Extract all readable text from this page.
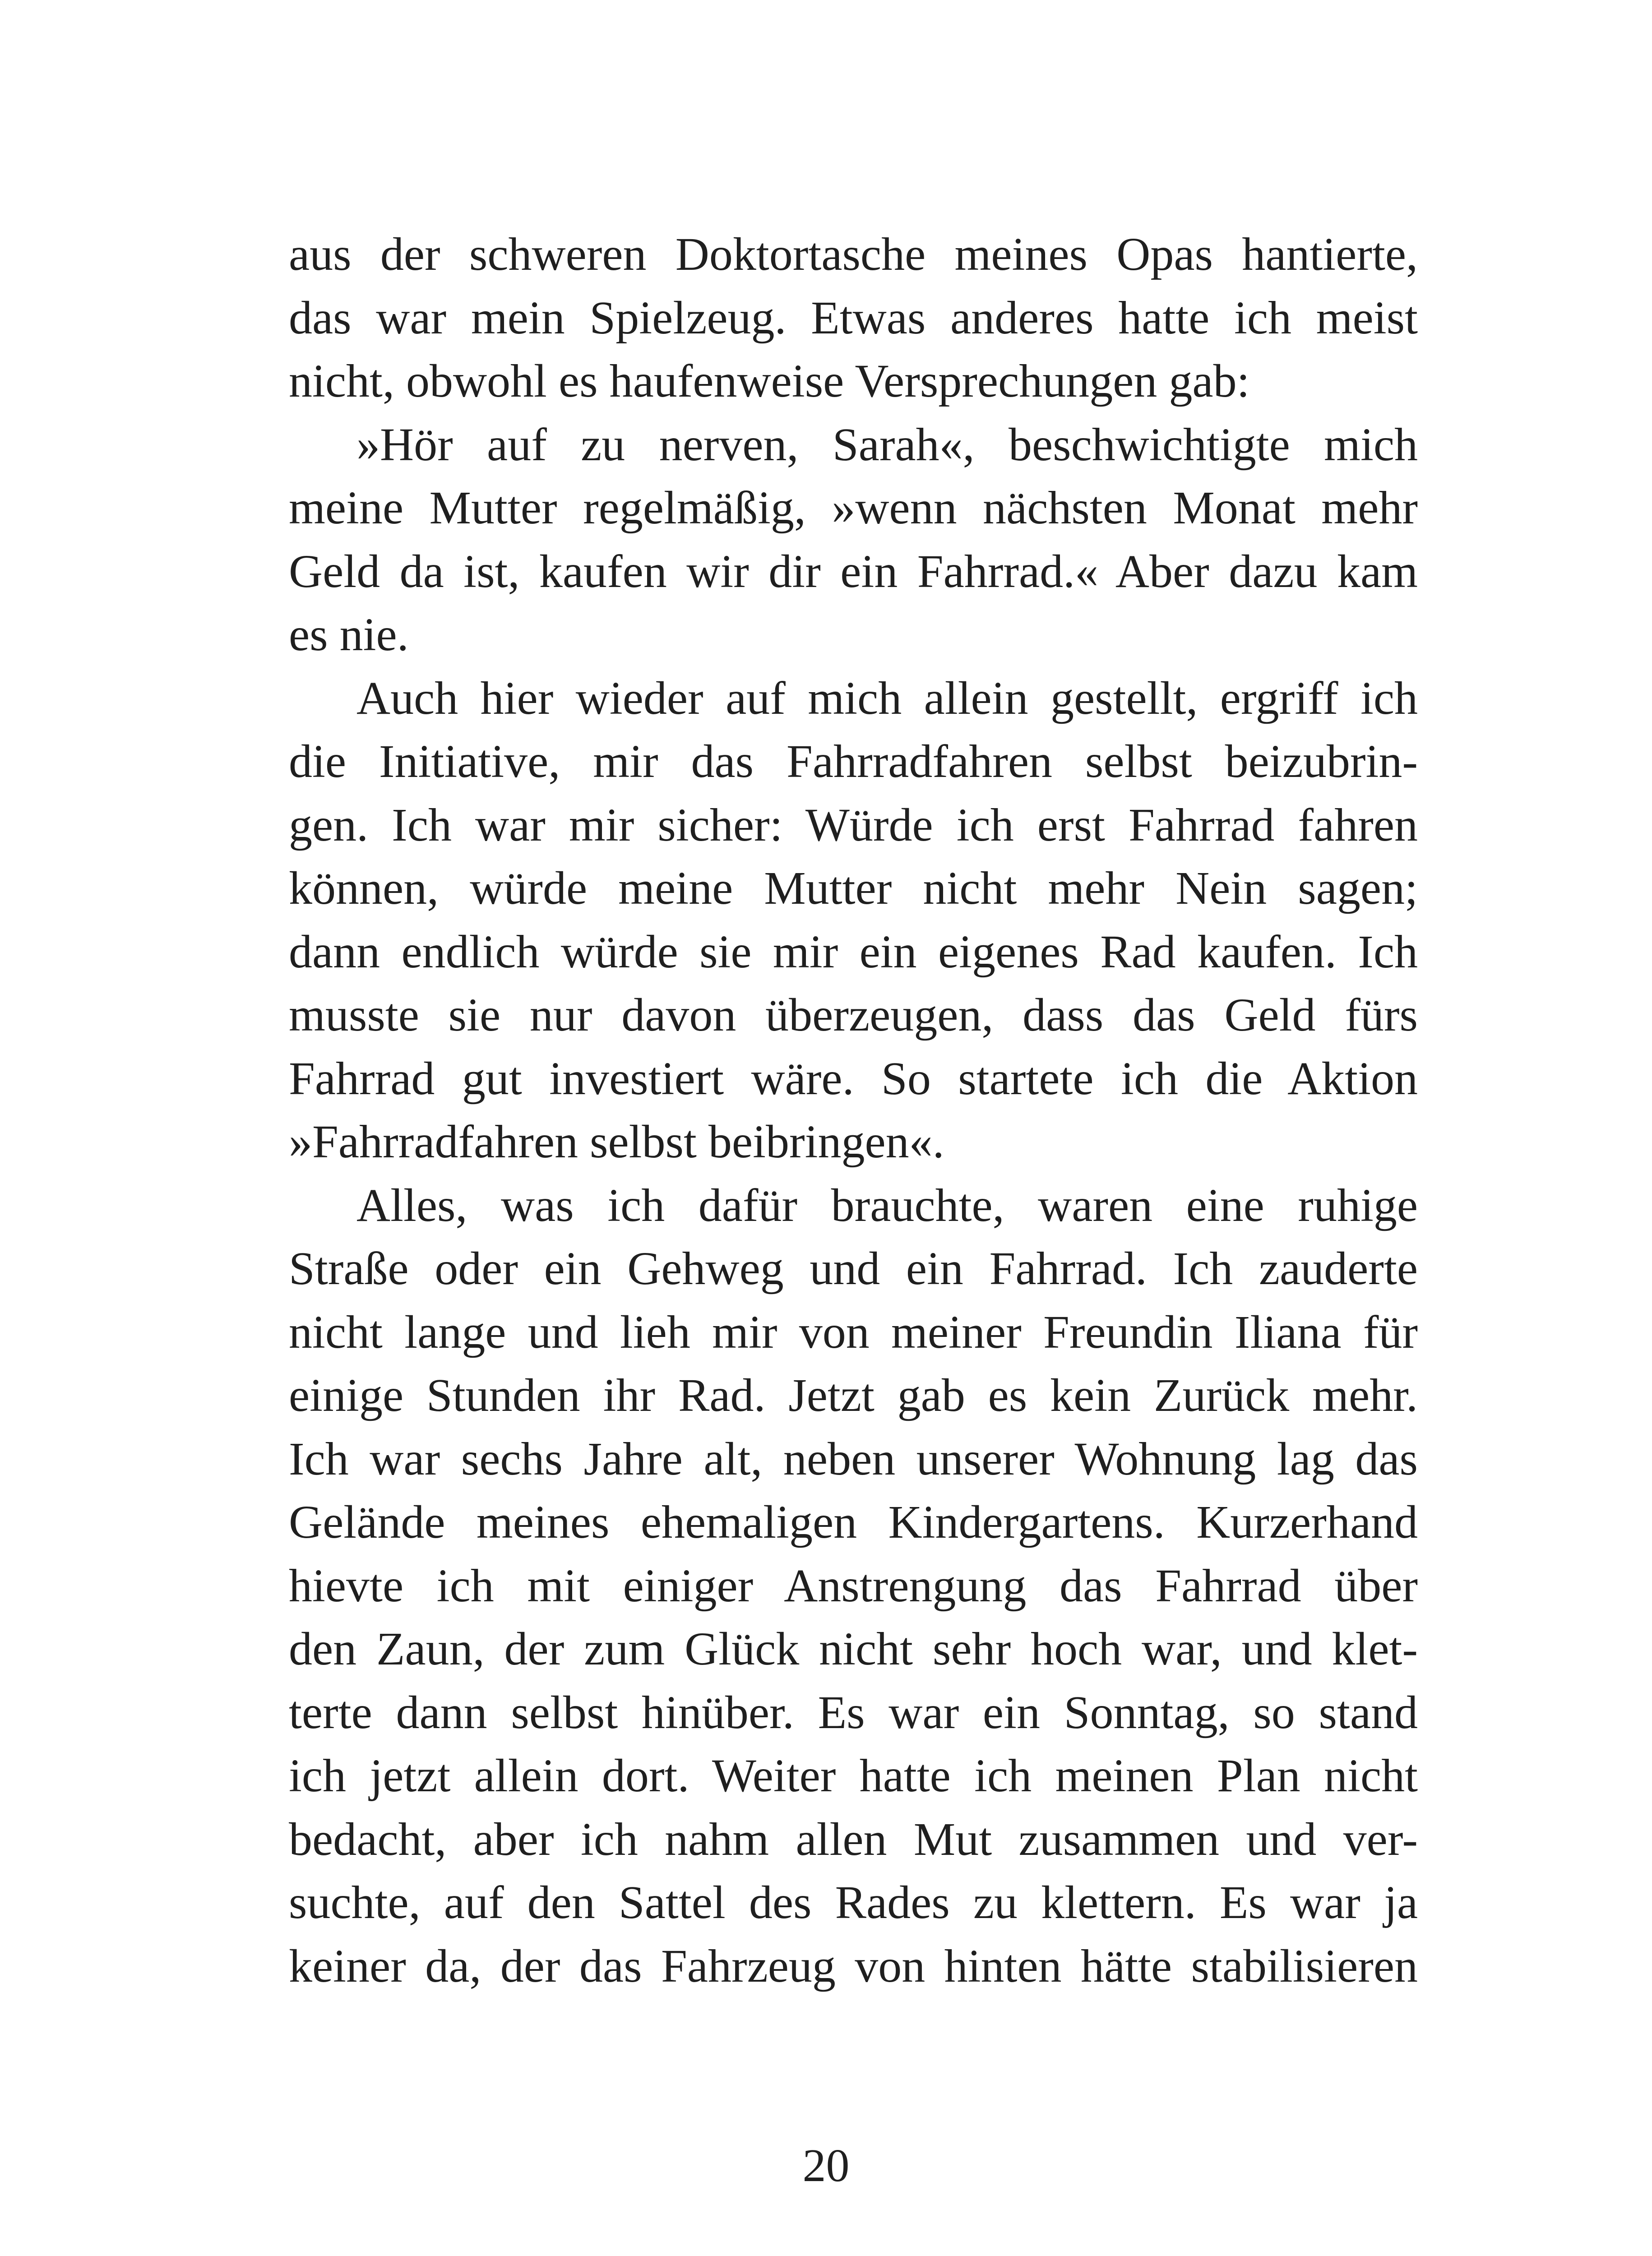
aus der schweren Doktortasche meines Opas hantierte,
das war mein Spielzeug. Etwas anderes hatte ich meist
nicht, obwohl es haufenweise Versprechungen gab:
»Hör auf zu nerven, Sarah«, beschwichtigte mich
meine Mutter regelmäßig, »wenn nächsten Monat mehr
Geld da ist, kaufen wir dir ein Fahrrad.« Aber dazu kam
es nie.
Auch hier wieder auf mich allein gestellt, ergriff ich
die Initiative, mir das Fahrradfahren selbst beizubrin-
gen. Ich war mir sicher: Würde ich erst Fahrrad fahren
können, würde meine Mutter nicht mehr Nein sagen;
dann endlich würde sie mir ein eigenes Rad kaufen. Ich
musste sie nur davon überzeugen, dass das Geld fürs
Fahrrad gut investiert wäre. So startete ich die Aktion
»Fahrradfahren selbst beibringen«.
Alles, was ich dafür brauchte, waren eine ruhige
Straße oder ein Gehweg und ein Fahrrad. Ich zauderte
nicht lange und lieh mir von meiner Freundin Iliana für
einige Stunden ihr Rad. Jetzt gab es kein Zurück mehr.
Ich war sechs Jahre alt, neben unserer Wohnung lag das
Gelände meines ehemaligen Kindergartens. Kurzerhand
hievte ich mit einiger Anstrengung das Fahrrad über
den Zaun, der zum Glück nicht sehr hoch war, und klet-
terte dann selbst hinüber. Es war ein Sonntag, so stand
ich jetzt allein dort. Weiter hatte ich meinen Plan nicht
bedacht, aber ich nahm allen Mut zusammen und ver-
suchte, auf den Sattel des Rades zu klettern. Es war ja
keiner da, der das Fahrzeug von hinten hätte stabilisieren
20
